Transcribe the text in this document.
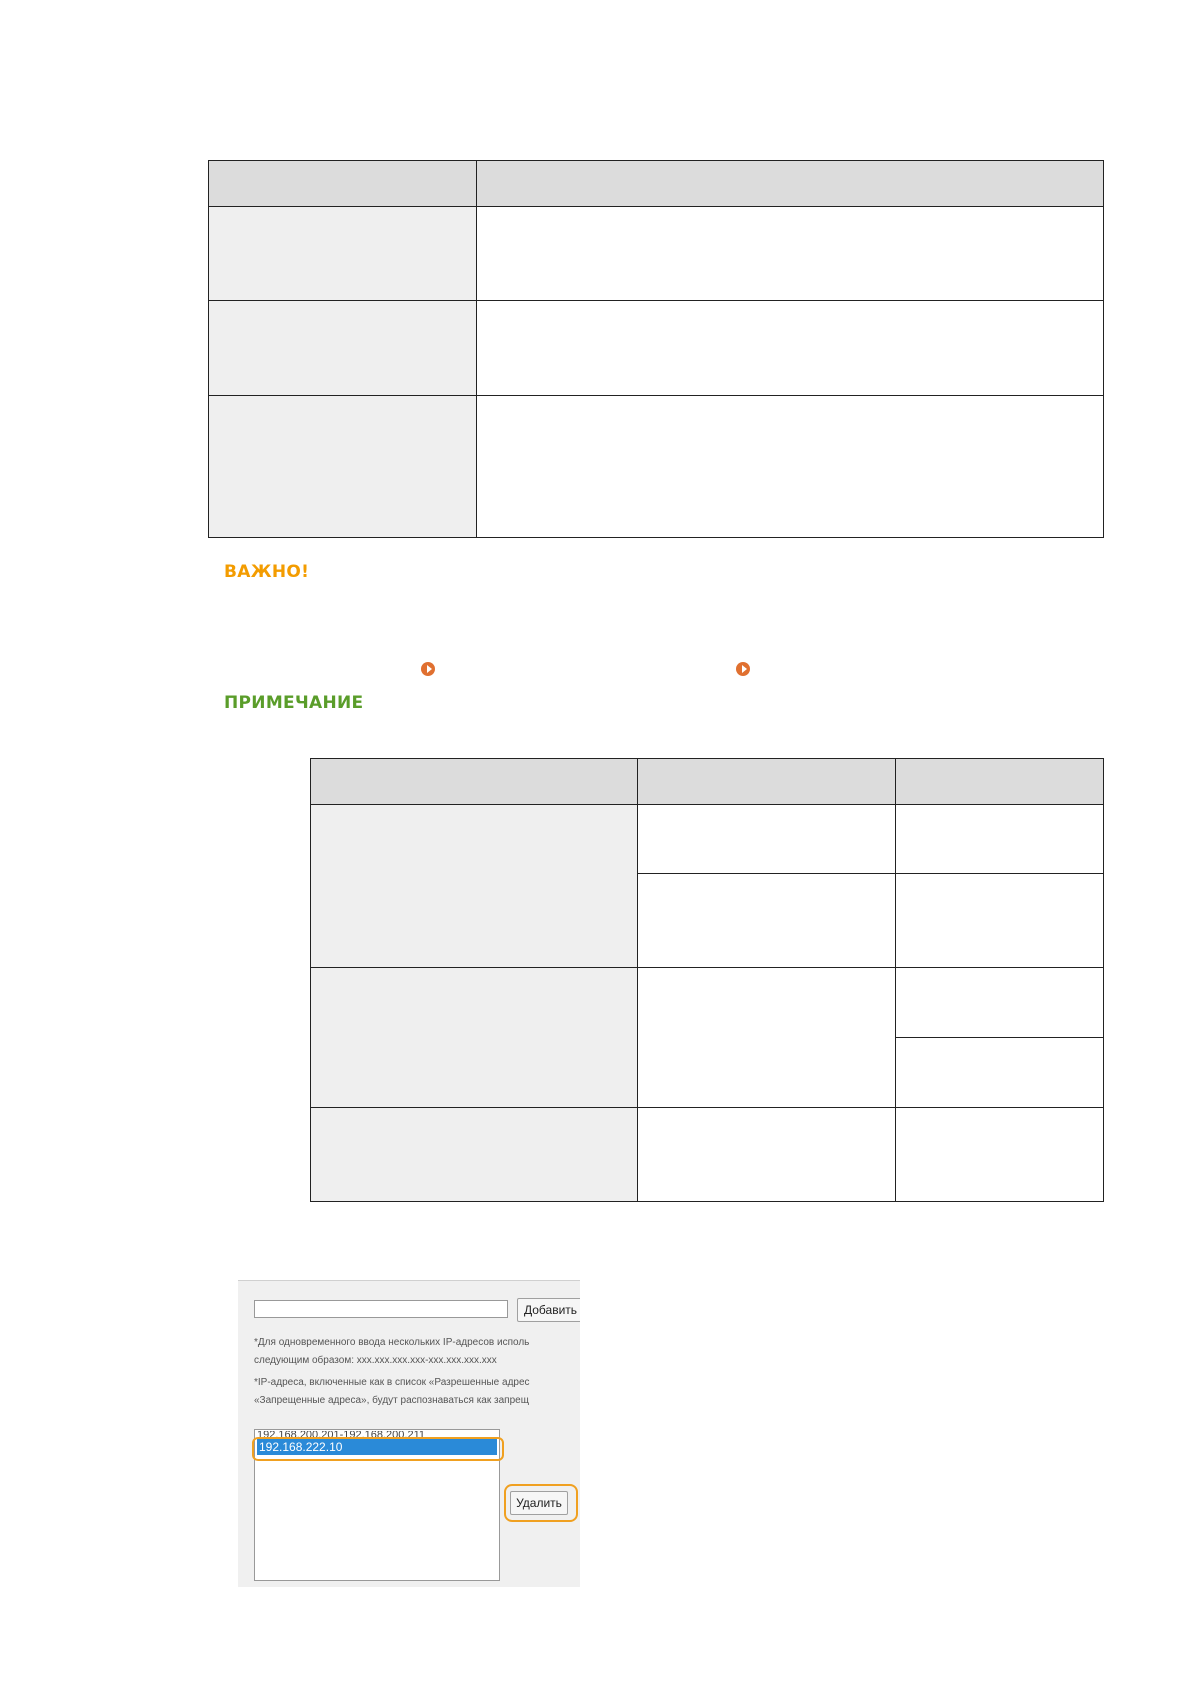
ВАЖНО!
ПРИМЕЧАНИЕ

Добавить
*Для одновременного ввода нескольких IP-адресов исполь
следующим образом: xxx.xxx.xxx.xxx-xxx.xxx.xxx.xxx
*IP-адреса, включенные как в список «Разрешенные адрес
«Запрещенные адреса», будут распознаваться как запрещ
192.168.200.201-192.168.200.211
192.168.222.10
Удалить
